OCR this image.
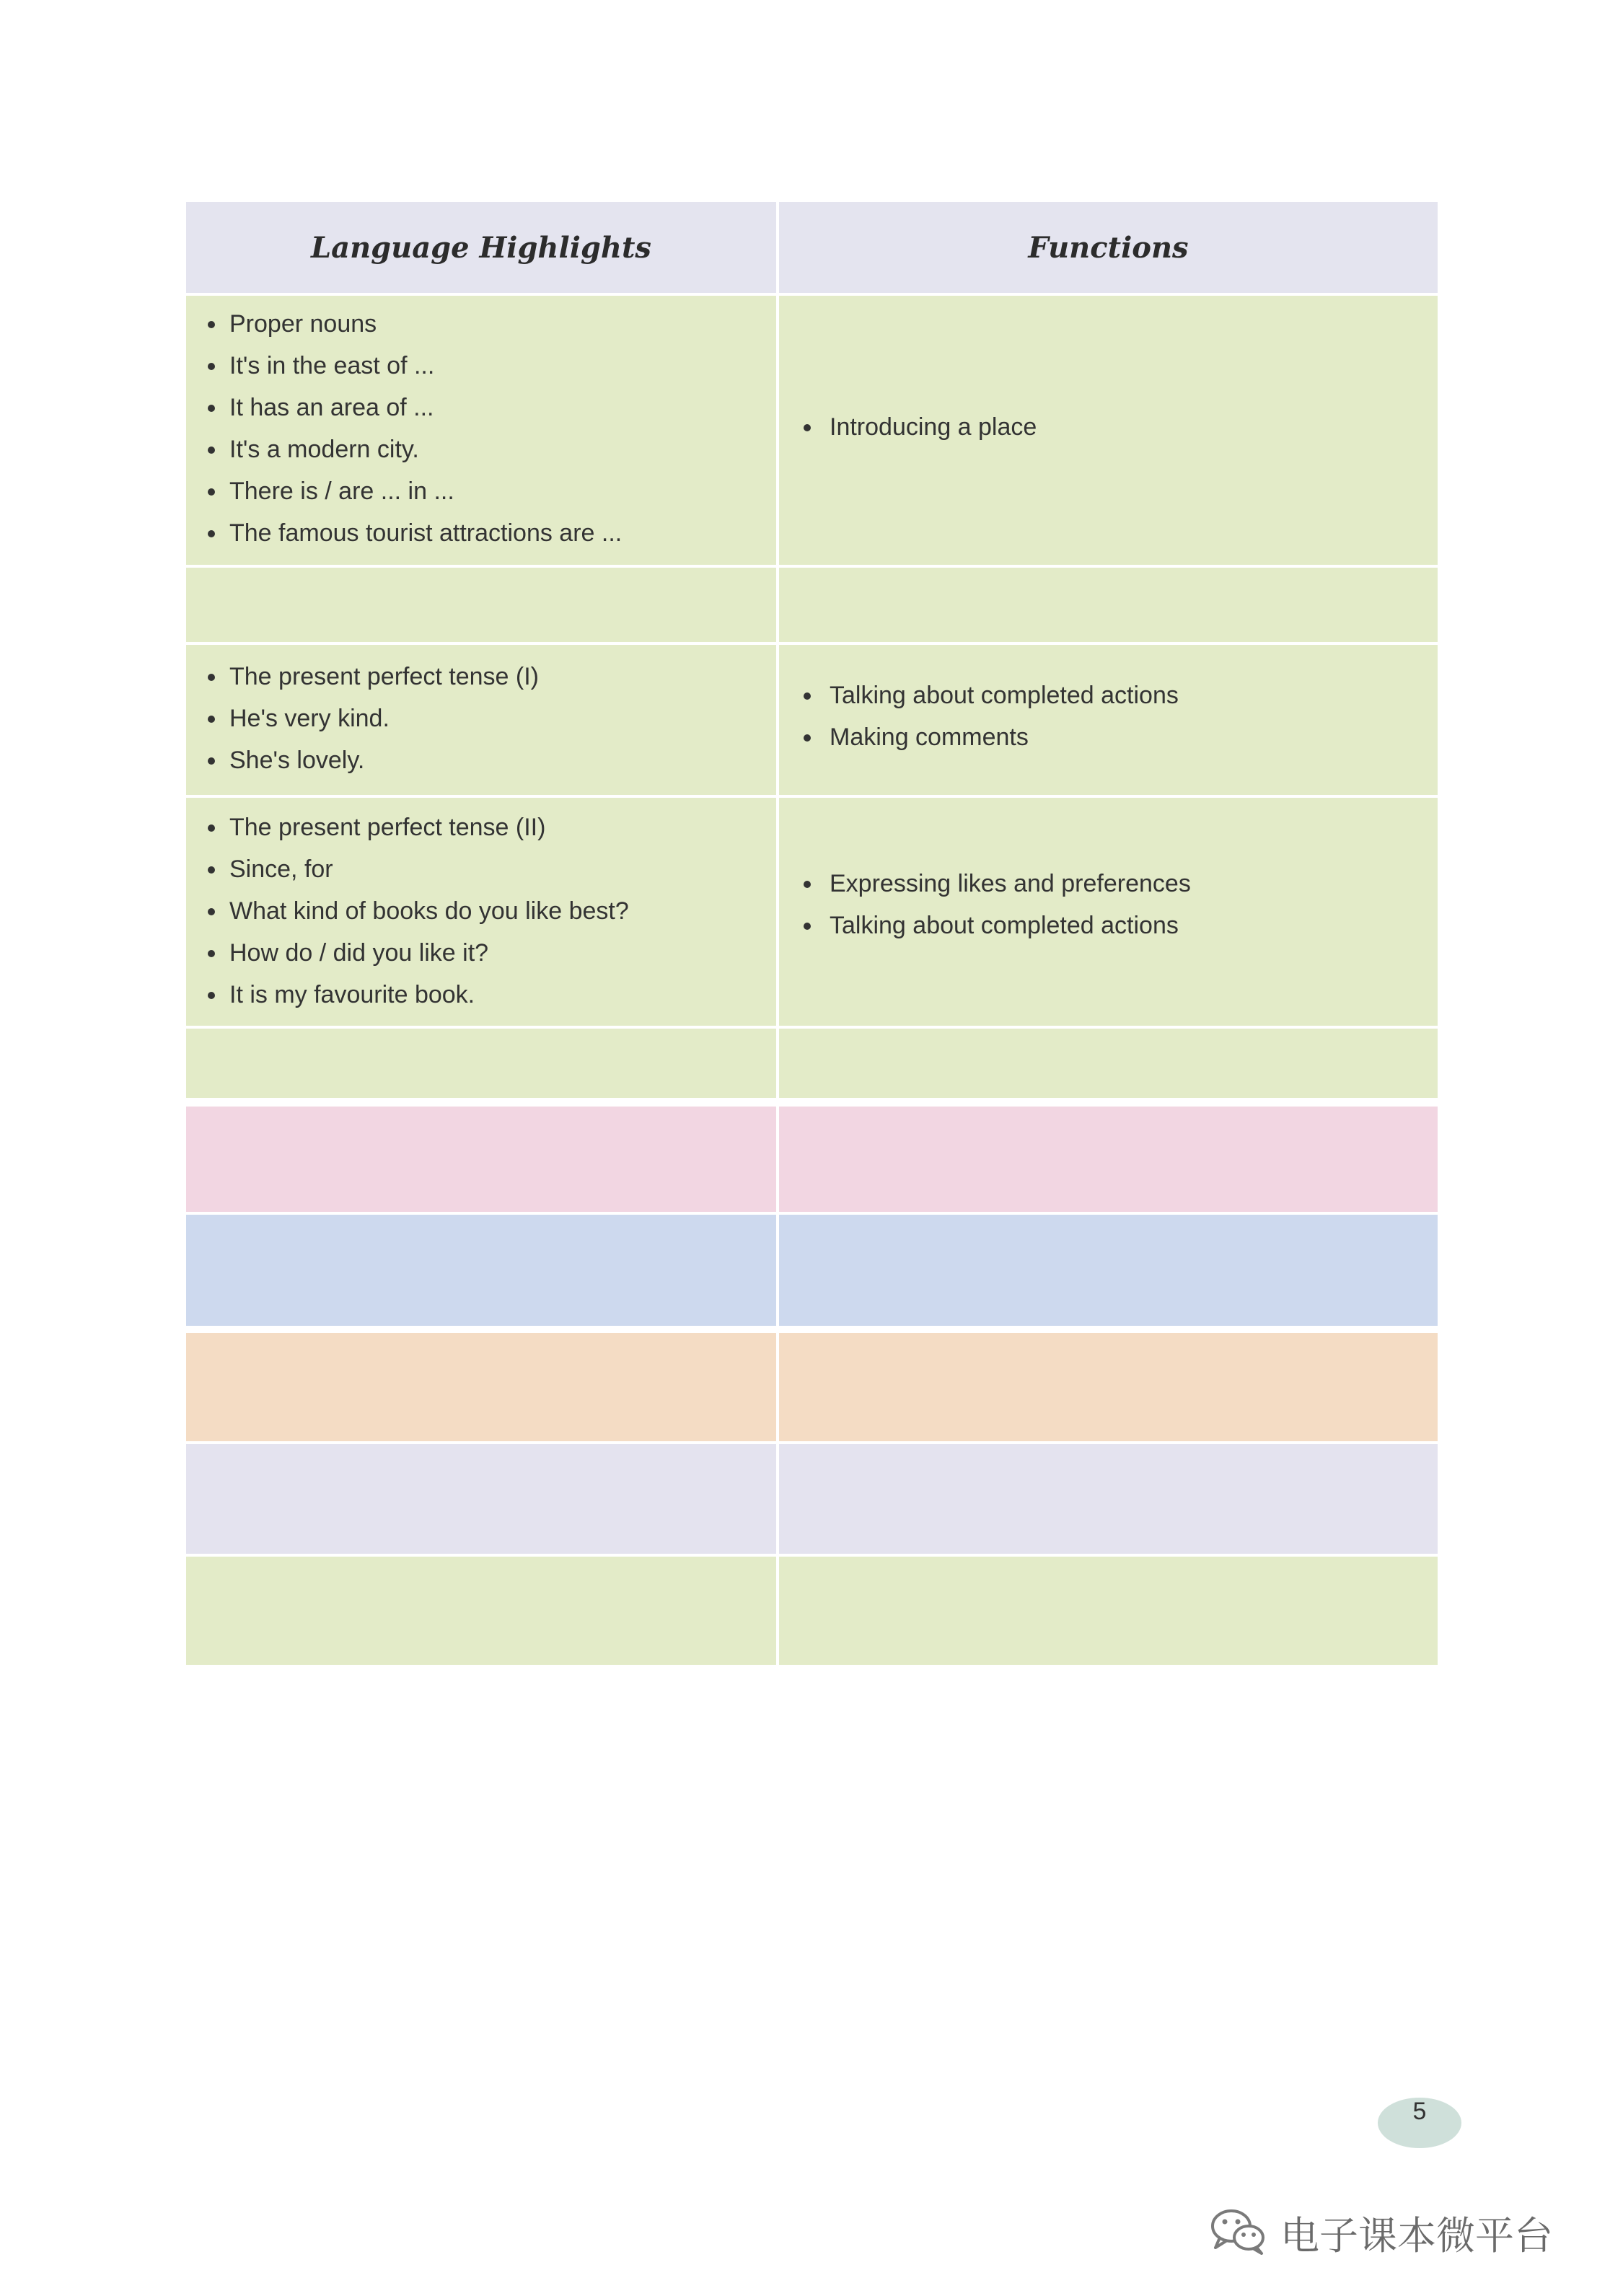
Language Highlights	Functions
Proper nouns
It's in the east of ...
It has an area of ...
It's a modern city.
There is / are ... in ...
The famous tourist attractions are ...
Introducing a place
The present perfect tense (I)
He's very kind.
She's lovely.
Talking about completed actions
Making comments
The present perfect tense (II)
Since, for
What kind of books do you like best?
How do / did you like it?
It is my favourite book.
Expressing likes and preferences
Talking about completed actions
5
电子课本微平台
